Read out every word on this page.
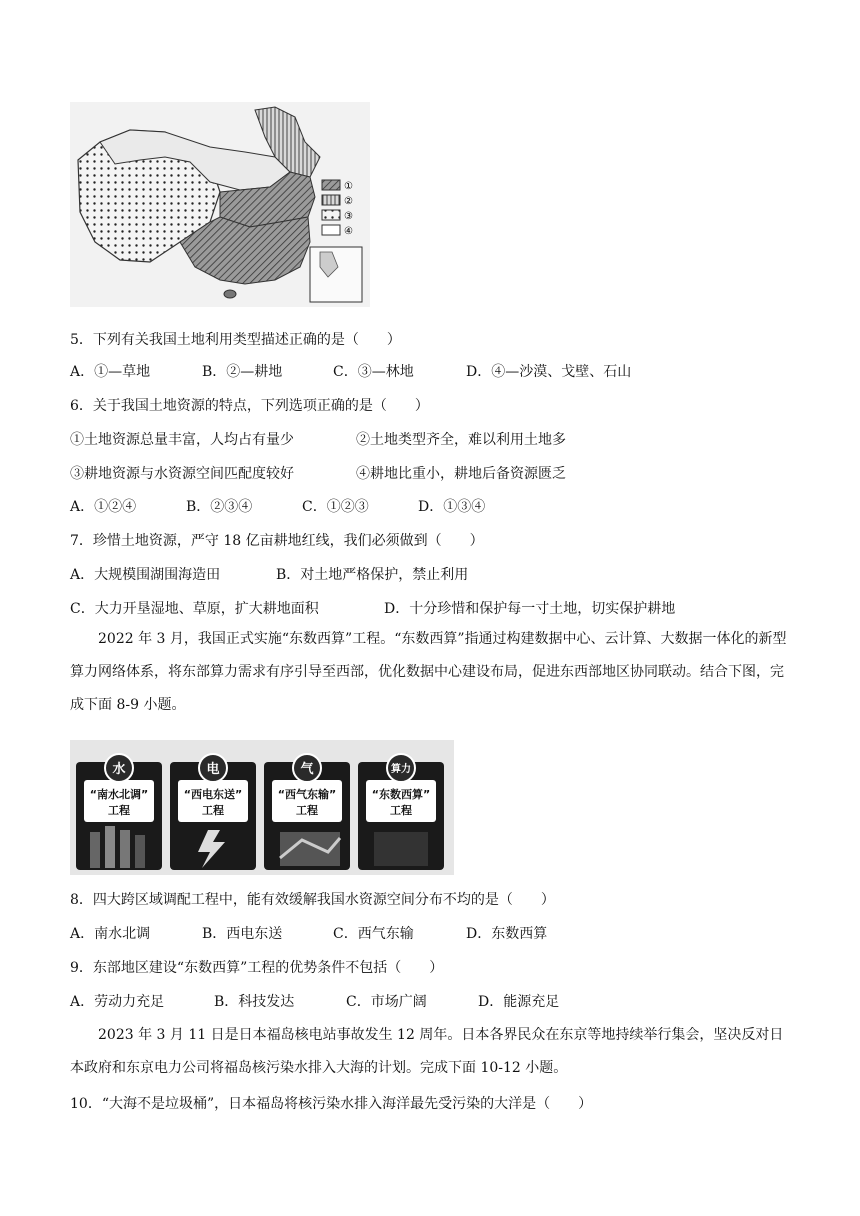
①
②
③
④
5．下列有关我国土地利用类型描述正确的是（　　）
A．①—草地	B．②—耕地	C．③—林地	D．④—沙漠、戈壁、石山
6．关于我国土地资源的特点，下列选项正确的是（　　）
①土地资源总量丰富，人均占有量少	②土地类型齐全，难以利用土地多
③耕地资源与水资源空间匹配度较好	④耕地比重小，耕地后备资源匮乏
A．①②④	B．②③④	C．①②③	D．①③④
7．珍惜土地资源，严守 18 亿亩耕地红线，我们必须做到（　　）
A．大规模围湖围海造田	B．对土地严格保护，禁止利用
C．大力开垦湿地、草原，扩大耕地面积	D．十分珍惜和保护每一寸土地，切实保护耕地
2022 年 3 月，我国正式实施“东数西算”工程。“东数西算”指通过构建数据中心、云计算、大数据一体化的新型算力网络体系，将东部算力需求有序引导至西部，优化数据中心建设布局，促进东西部地区协同联动。结合下图，完成下面 8-9 小题。
水
“南水北调”
工程
电
“西电东送”
工程
气
“西气东输”
工程
算力
“东数西算”
工程
8．四大跨区域调配工程中，能有效缓解我国水资源空间分布不均的是（　　）
A．南水北调	B．西电东送	C．西气东输	D．东数西算
9．东部地区建设“东数西算”工程的优势条件不包括（　　）
A．劳动力充足	B．科技发达	C．市场广阔	D．能源充足
2023 年 3 月 11 日是日本福岛核电站事故发生 12 周年。日本各界民众在东京等地持续举行集会，坚决反对日本政府和东京电力公司将福岛核污染水排入大海的计划。完成下面 10-12 小题。
10．“大海不是垃圾桶”，日本福岛将核污染水排入海洋最先受污染的大洋是（　　）
